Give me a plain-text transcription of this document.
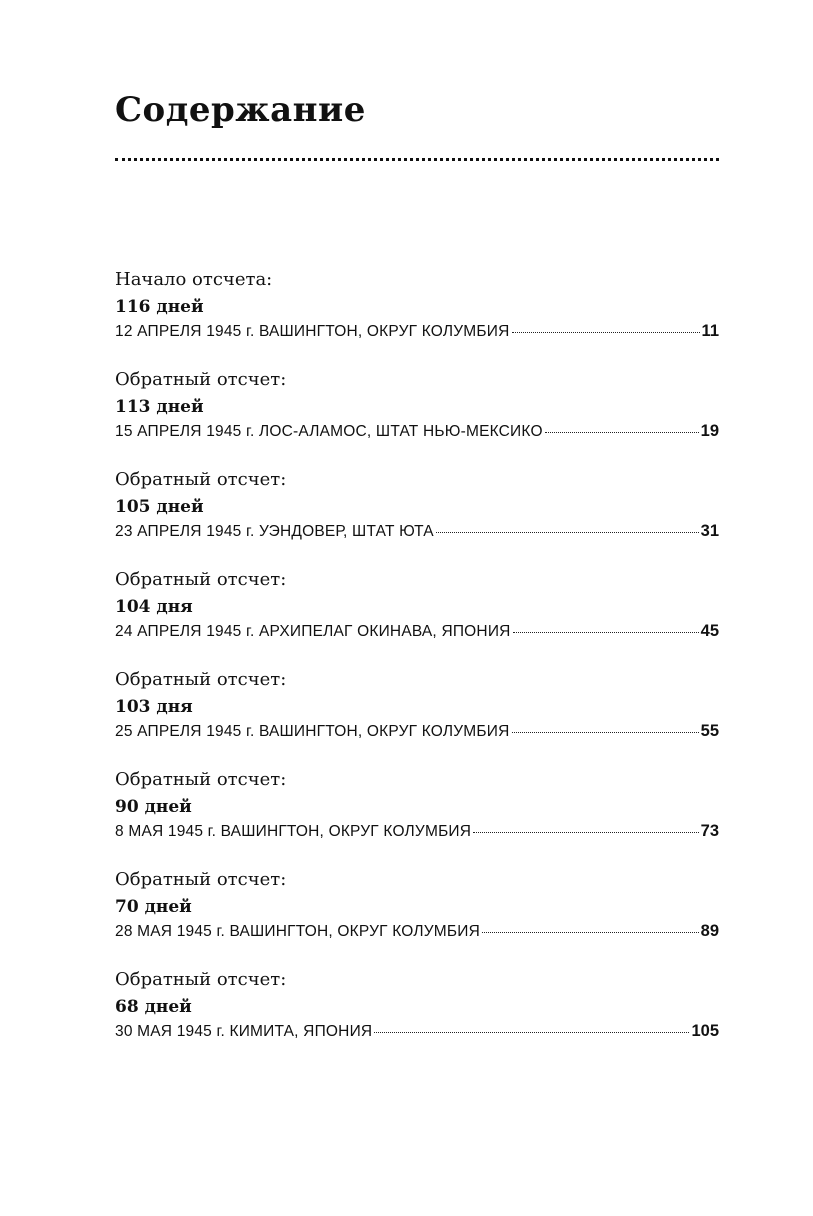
Содержание
Начало отсчета:
116 дней
12 АПРЕЛЯ 1945 г. ВАШИНГТОН, ОКРУГ КОЛУМБИЯ	11
Обратный отсчет:
113 дней
15 АПРЕЛЯ 1945 г. ЛОС-АЛАМОС, ШТАТ НЬЮ-МЕКСИКО	19
Обратный отсчет:
105 дней
23 АПРЕЛЯ 1945 г. УЭНДОВЕР, ШТАТ ЮТА	31
Обратный отсчет:
104 дня
24 АПРЕЛЯ 1945 г. АРХИПЕЛАГ ОКИНАВА, ЯПОНИЯ	45
Обратный отсчет:
103 дня
25 АПРЕЛЯ 1945 г. ВАШИНГТОН, ОКРУГ КОЛУМБИЯ	55
Обратный отсчет:
90 дней
8 МАЯ 1945 г. ВАШИНГТОН, ОКРУГ КОЛУМБИЯ	73
Обратный отсчет:
70 дней
28 МАЯ 1945 г. ВАШИНГТОН, ОКРУГ КОЛУМБИЯ	89
Обратный отсчет:
68 дней
30 МАЯ 1945 г. КИМИТА, ЯПОНИЯ	105
